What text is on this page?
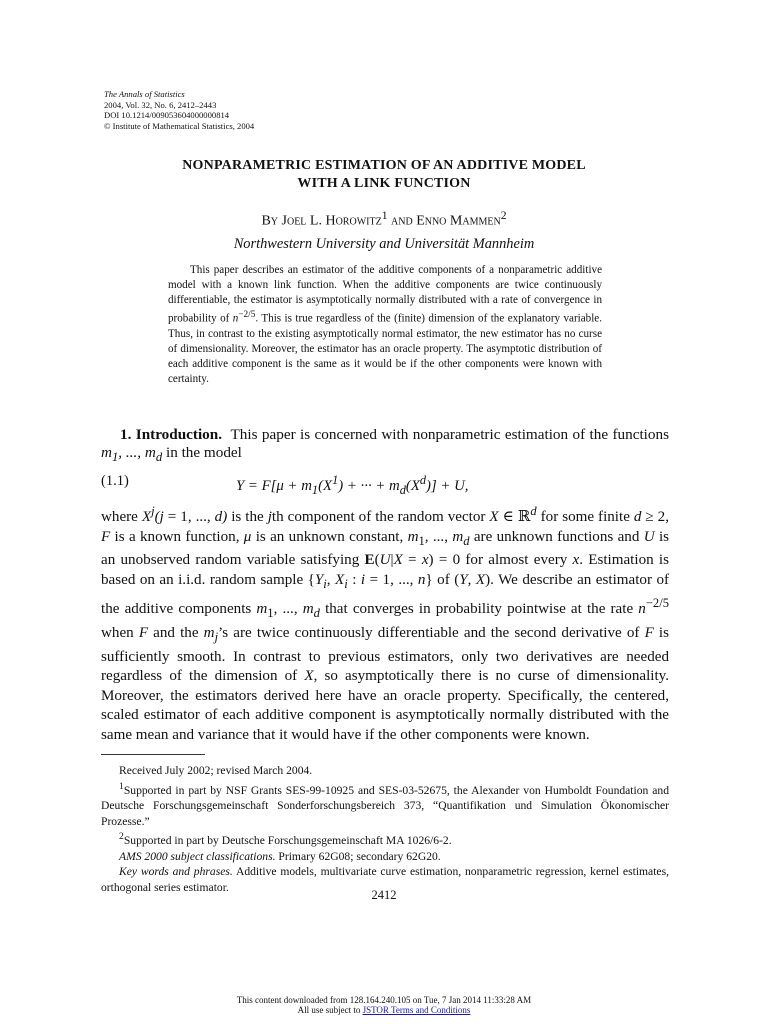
The Annals of Statistics
2004, Vol. 32, No. 6, 2412–2443
DOI 10.1214/009053604000000814
© Institute of Mathematical Statistics, 2004
NONPARAMETRIC ESTIMATION OF AN ADDITIVE MODEL
WITH A LINK FUNCTION
By Joel L. Horowitz$^1$ and Enno Mammen$^2$
Northwestern University and Universität Mannheim
This paper describes an estimator of the additive components of a nonparametric additive model with a known link function. When the additive components are twice continuously differentiable, the estimator is asymptotically normally distributed with a rate of convergence in probability of $n^{-2/5}$. This is true regardless of the (finite) dimension of the explanatory variable. Thus, in contrast to the existing asymptotically normal estimator, the new estimator has no curse of dimensionality. Moreover, the estimator has an oracle property. The asymptotic distribution of each additive component is the same as it would be if the other components were known with certainty.
1. Introduction. This paper is concerned with nonparametric estimation of the functions $m_1$, ..., $m_d$ in the model
(1.1)	$Y = F[\mu + m_1(X^1)$ + ··· + $m_d(X^d)] + U$,
where $X^j(j = 1$, ..., d) is the jth component of the random vector X ∈ ℝ$^d$ for some finite d ≥ 2, F is a known function, μ is an unknown constant, $m_1$, ..., $m_d$ are unknown functions and U is an unobserved random variable satisfying E(U|X = x) = 0 for almost every x. Estimation is based on an i.i.d. random sample {$Y_i$, $X_i$ : i = 1, ..., n} of (Y, X). We describe an estimator of the additive components $m_1$, ..., $m_d$ that converges in probability pointwise at the rate $n^{-2/5}$ when F and the $m_j’s$ are twice continuously differentiable and the second derivative of F is sufficiently smooth. In contrast to previous estimators, only two derivatives are needed regardless of the dimension of X, so asymptotically there is no curse of dimensionality. Moreover, the estimators derived here have an oracle property. Specifically, the centered, scaled estimator of each additive component is asymptotically normally distributed with the same mean and variance that it would have if the other components were known.

Received July 2002; revised March 2004.

$^1$Supported in part by NSF Grants SES-99-10925 and SES-03-52675, the Alexander von Humboldt Foundation and Deutsche Forschungsgemeinschaft Sonderforschungsbereich 373, “Quantifikation und Simulation Ökonomischer Prozesse.”

$^2$Supported in part by Deutsche Forschungsgemeinschaft MA 1026/6-2.

AMS 2000 subject classifications. Primary 62G08; secondary 62G20.

Key words and phrases. Additive models, multivariate curve estimation, nonparametric regression, kernel estimates, orthogonal series estimator.

2412
This content downloaded from 128.164.240.105 on Tue, 7 Jan 2014 11:33:28 AM
All use subject to JSTOR Terms and Conditions
